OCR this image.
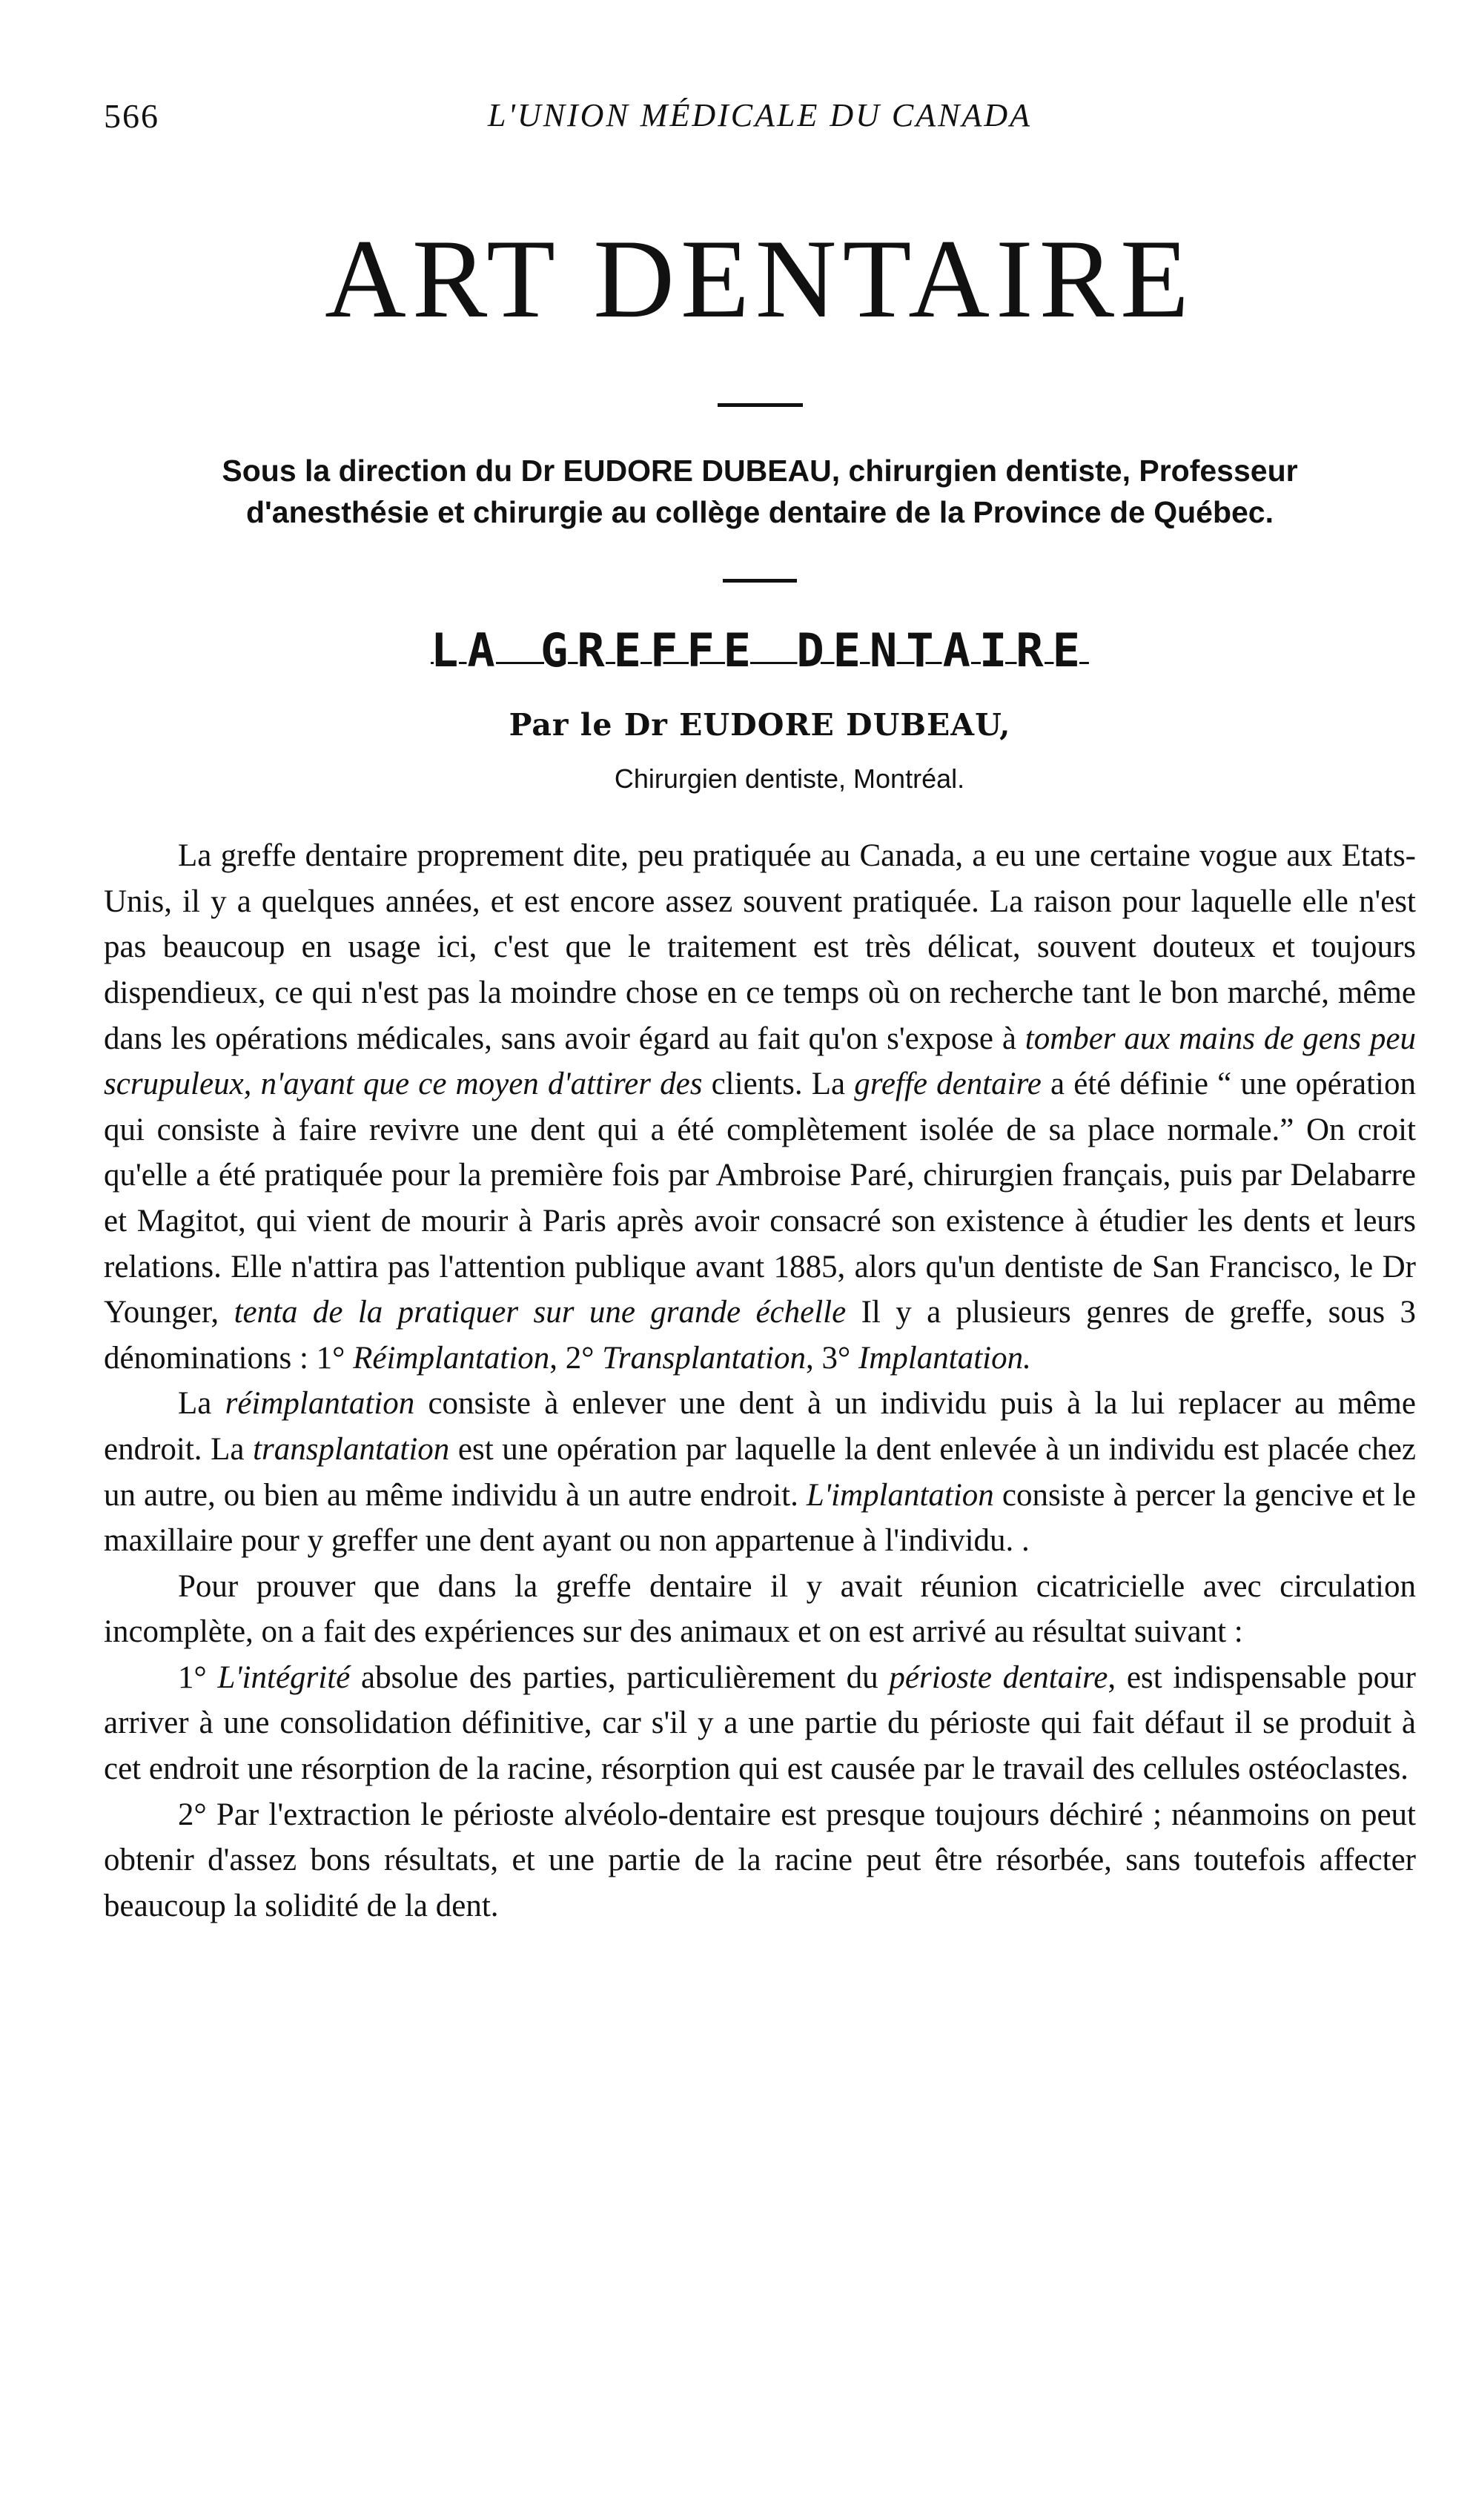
566	L'UNION MÉDICALE DU CANADA
ART DENTAIRE
Sous la direction du Dr EUDORE DUBEAU, chirurgien dentiste, Professeur
d'anesthésie et chirurgie au collège dentaire de la Province de Québec.
LA GREFFE DENTAIRE
Par le Dr EUDORE DUBEAU,
Chirurgien dentiste, Montréal.

La greffe dentaire proprement dite, peu pratiquée au Canada, a eu une certaine vogue aux Etats-Unis, il y a quelques années, et est encore assez souvent pratiquée. La raison pour laquelle elle n'est pas beaucoup en usage ici, c'est que le traitement est très délicat, souvent douteux et toujours dispendieux, ce qui n'est pas la moindre chose en ce temps où on recherche tant le bon marché, même dans les opérations médicales, sans avoir égard au fait qu'on s'expose à tomber aux mains de gens peu scrupuleux, n'ayant que ce moyen d'attirer des clients. La greffe dentaire a été définie “ une opération qui consiste à faire revivre une dent qui a été complètement isolée de sa place normale.” On croit qu'elle a été pratiquée pour la première fois par Ambroise Paré, chirurgien français, puis par Delabarre et Magitot, qui vient de mourir à Paris après avoir consacré son existence à étudier les dents et leurs relations. Elle n'attira pas l'attention publique avant 1885, alors qu'un dentiste de San Francisco, le Dr Younger, tenta de la pratiquer sur une grande échelle Il y a plusieurs genres de greffe, sous 3 dénominations : 1° Réimplantation, 2° Transplantation, 3° Implantation.

La réimplantation consiste à enlever une dent à un individu puis à la lui replacer au même endroit. La transplantation est une opération par laquelle la dent enlevée à un individu est placée chez un autre, ou bien au même individu à un autre endroit. L'implantation consiste à percer la gencive et le maxillaire pour y greffer une dent ayant ou non appartenue à l'individu. .

Pour prouver que dans la greffe dentaire il y avait réunion cicatricielle avec circulation incomplète, on a fait des expériences sur des animaux et on est arrivé au résultat suivant :

1° L'intégrité absolue des parties, particulièrement du périoste dentaire, est indispensable pour arriver à une consolidation définitive, car s'il y a une partie du périoste qui fait défaut il se produit à cet endroit une résorption de la racine, résorption qui est causée par le travail des cellules ostéoclastes.

2° Par l'extraction le périoste alvéolo-dentaire est presque toujours déchiré ; néanmoins on peut obtenir d'assez bons résultats, et une partie de la racine peut être résorbée, sans toutefois affecter beaucoup la solidité de la dent.
